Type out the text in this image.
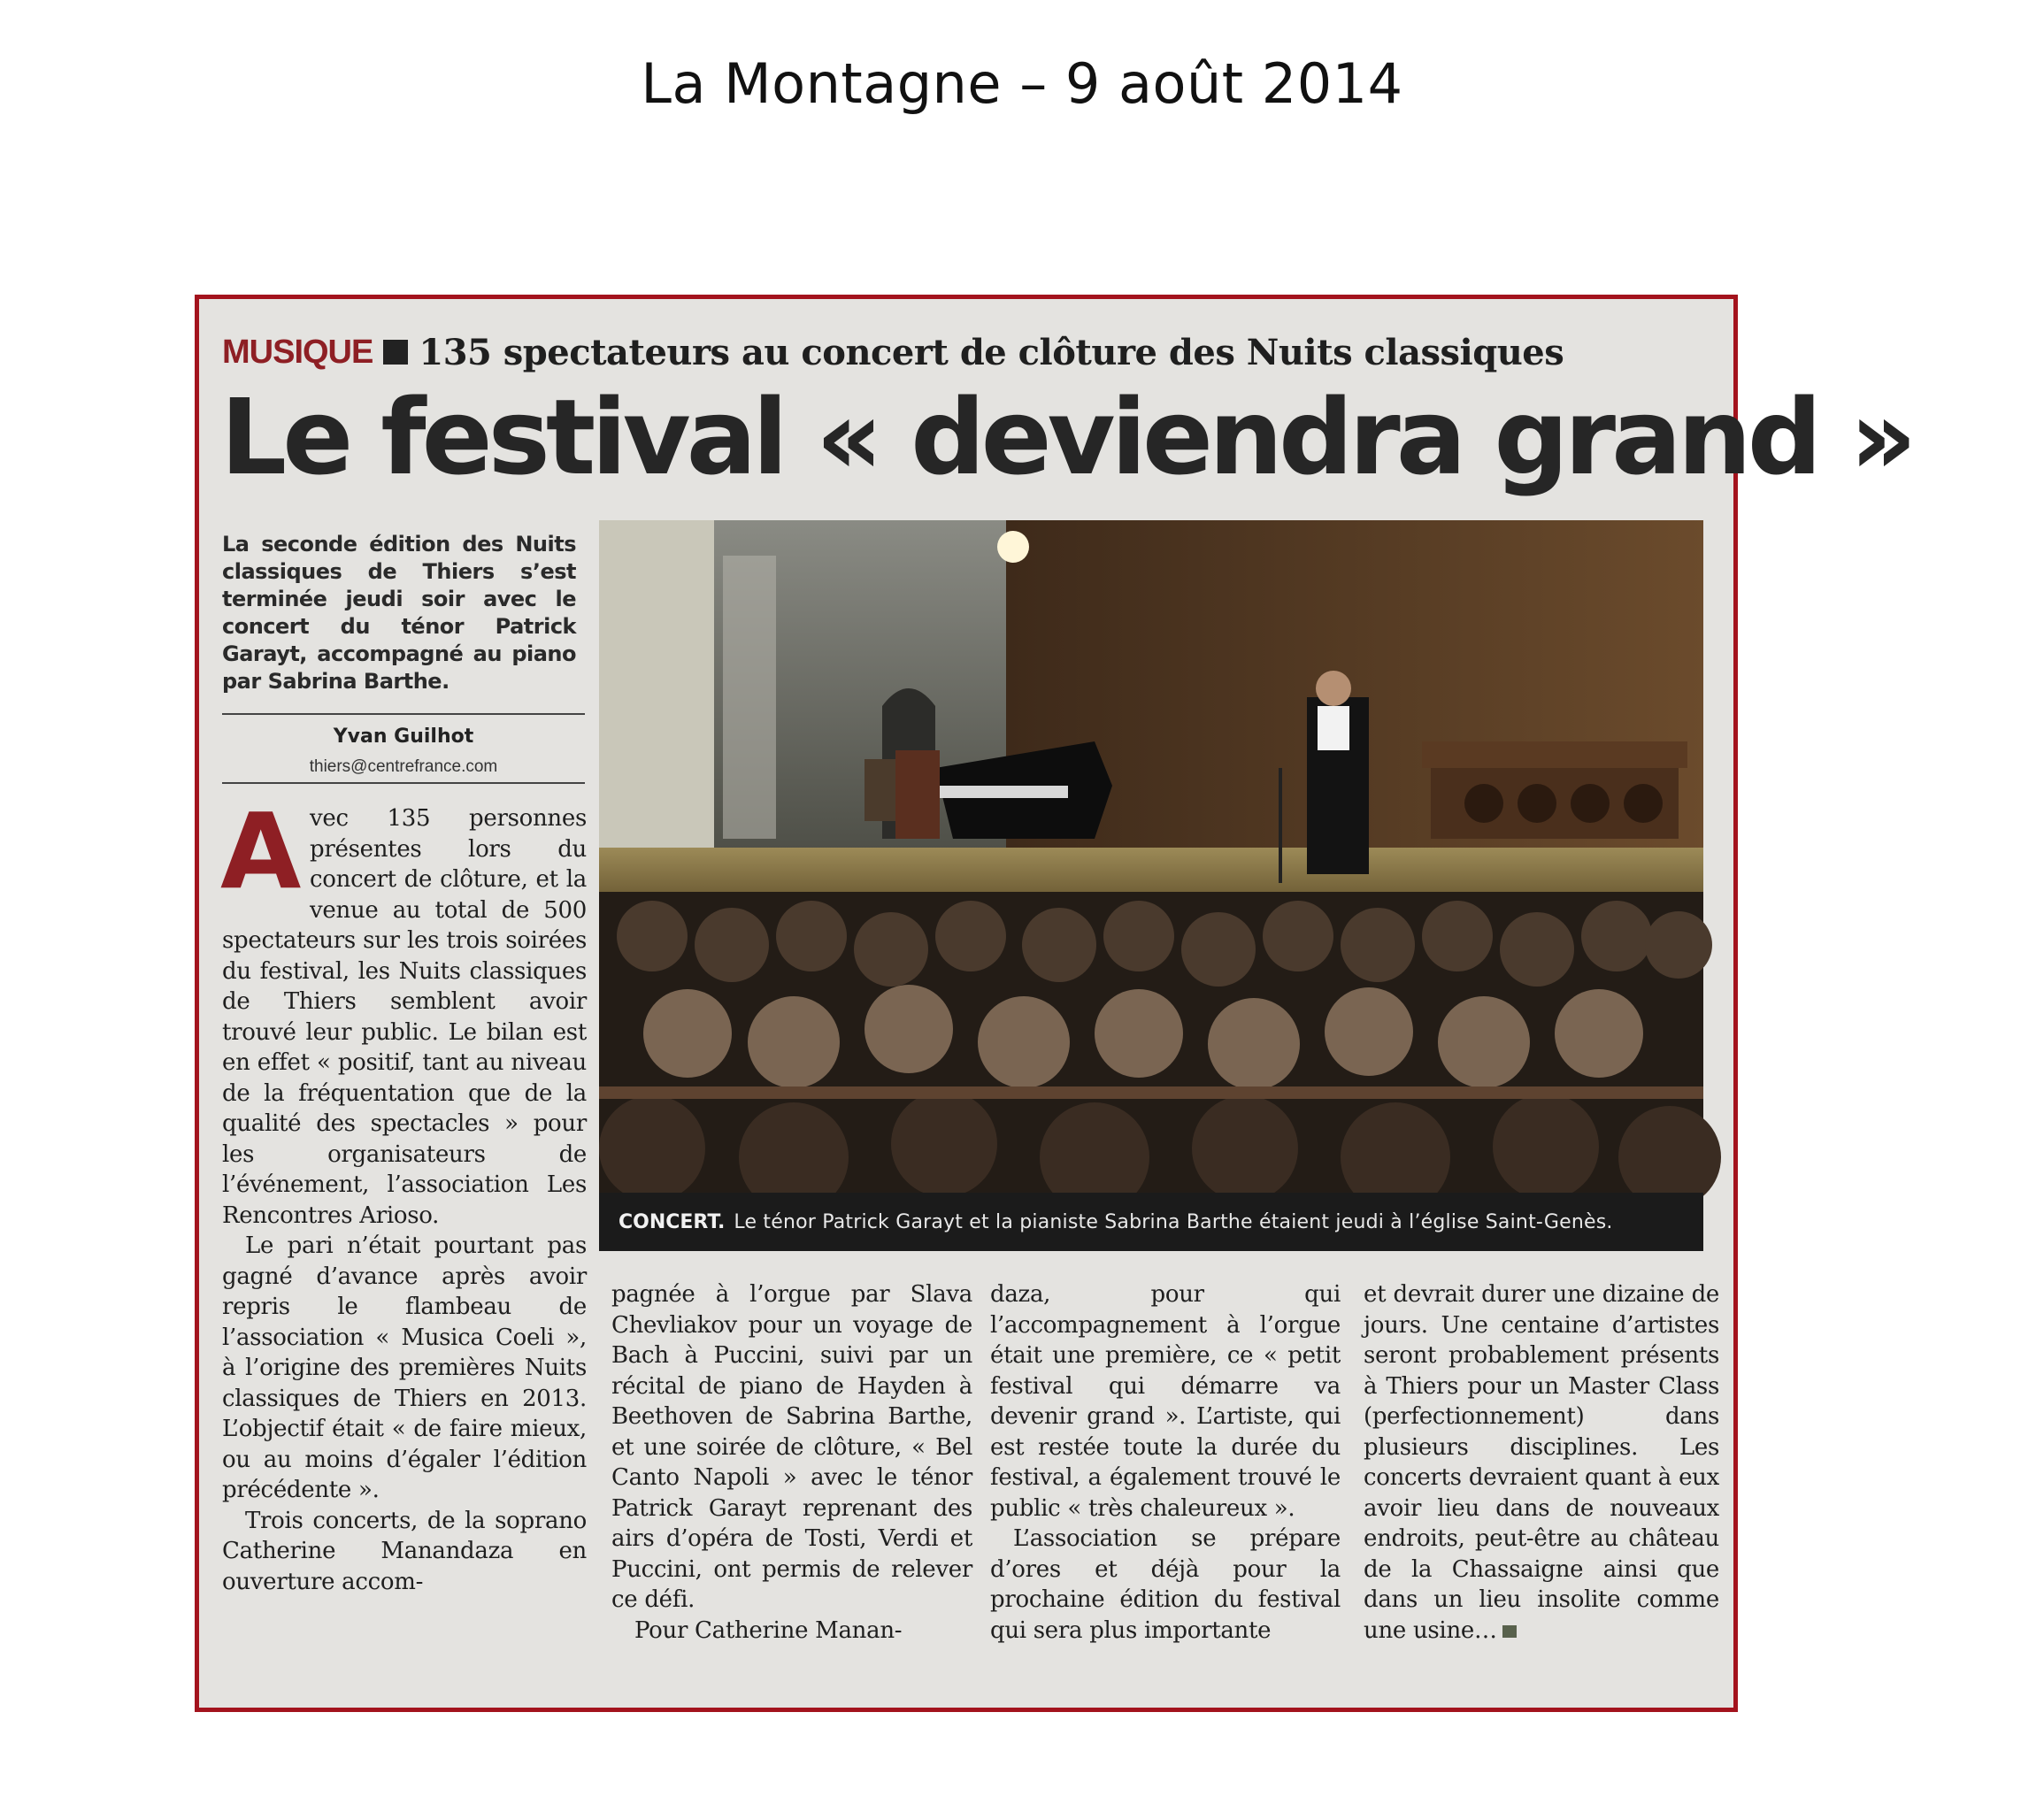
La Montagne – 9 août 2014
MUSIQUE 135 spectateurs au concert de clôture des Nuits classiques
Le festival « deviendra grand »
La seconde édition des Nuits classiques de Thiers s’est terminée jeudi soir avec le concert du ténor Patrick Garayt, accompagné au piano par Sabrina Barthe.
Yvan Guilhot
thiers@centrefrance.com

Avec 135 personnes présentes lors du concert de clôture, et la venue au total de 500 spectateurs sur les trois soirées du festival, les Nuits classiques de Thiers semblent avoir trouvé leur public. Le bilan est en effet « positif, tant au niveau de la fréquentation que de la qualité des spectacles » pour les organisateurs de l’événement, l’association Les Rencontres Arioso.

Le pari n’était pourtant pas gagné d’avance après avoir repris le flambeau de l’association « Musica Coeli », à l’origine des premières Nuits classiques de Thiers en 2013. L’objectif était « de faire mieux, ou au moins d’égaler l’édition précédente ».

Trois concerts, de la soprano Catherine Manandaza en ouverture accom-

CONCERT. Le ténor Patrick Garayt et la pianiste Sabrina Barthe étaient jeudi à l’église Saint-Genès.

pagnée à l’orgue par Slava Chevliakov pour un voyage de Bach à Puccini, suivi par un récital de piano de Hayden à Beethoven de Sabrina Barthe, et une soirée de clôture, « Bel Canto Napoli » avec le ténor Patrick Garayt reprenant des airs d’opéra de Tosti, Verdi et Puccini, ont permis de relever ce défi.

Pour Catherine Manan-

daza, pour qui l’accompagnement à l’orgue était une première, ce « petit festival qui démarre va devenir grand ». L’artiste, qui est restée toute la durée du festival, a également trouvé le public « très chaleureux ».

L’association se prépare d’ores et déjà pour la prochaine édition du festival qui sera plus importante

et devrait durer une dizaine de jours. Une centaine d’artistes seront probablement présents à Thiers pour un Master Class (perfectionnement) dans plusieurs disciplines. Les concerts devraient quant à eux avoir lieu dans de nouveaux endroits, peut-être au château de la Chassaigne ainsi que dans un lieu insolite comme une usine…
